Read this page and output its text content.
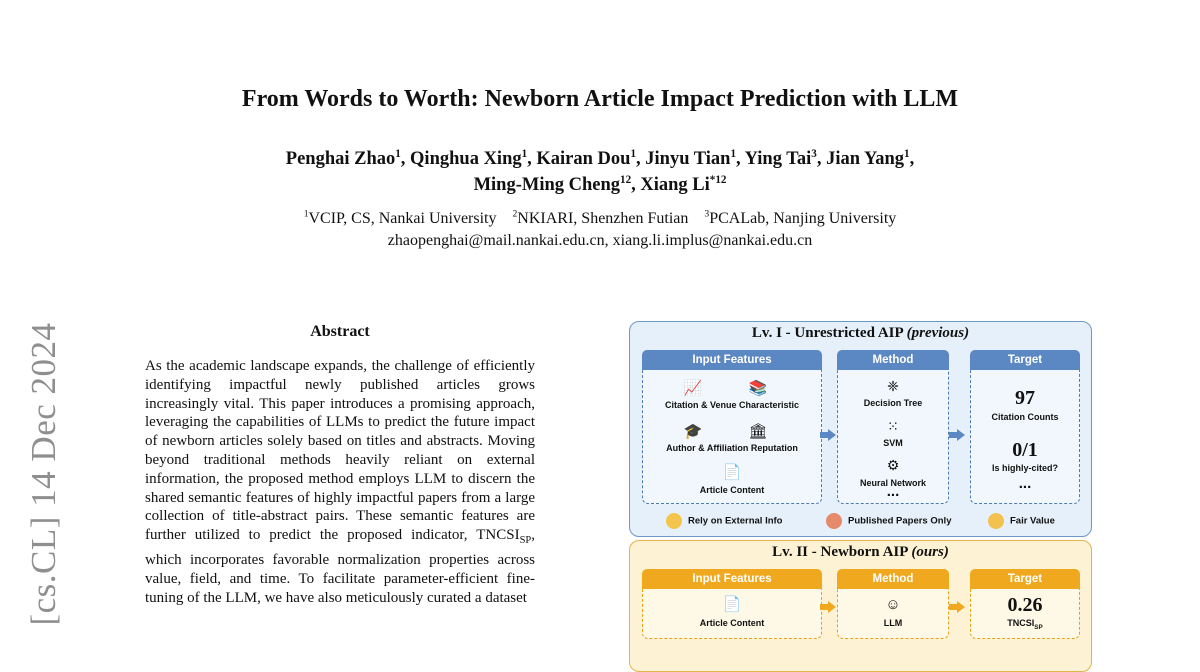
[cs.CL] 14 Dec 2024
From Words to Worth: Newborn Article Impact Prediction with LLM
Penghai Zhao$^1$, Qinghua Xing$^1$, Kairan Dou$^1$, Jinyu Tian$^1$, Ying Tai$^3$, Jian Yang$^1$,
Ming-Ming Cheng$^{12}$, Xiang Li$^{*12}$
$^1$VCIP, CS, Nankai University $^2$NKIARI, Shenzhen Futian $^3$PCALab, Nanjing University
zhaopenghai@mail.nankai.edu.cn, xiang.li.implus@nankai.edu.cn
Abstract

As the academic landscape expands, the challenge of efficiently identifying impactful newly published articles grows increasingly vital. This paper introduces a promising approach, leveraging the capabilities of LLMs to predict the future impact of newborn articles solely based on titles and abstracts. Moving beyond traditional methods heavily reliant on external information, the proposed method employs LLM to discern the shared semantic features of highly impactful papers from a large collection of title-abstract pairs. These semantic features are further utilized to predict the proposed indicator, $TNCSI_{SP}$, which incorporates favorable normalization properties across value, field, and time. To facilitate parameter-efficient fine-tuning of the LLM, we have also meticulously curated a dataset

Lv. I - Unrestricted AIP (previous)
Input Features
📈	📚
Citation & Venue Characteristic
🎓	🏛
Author & Affiliation Reputation
📄
Article Content
Method
❈
Decision Tree
⁙
SVM
⚙
Neural Network
...
Target
97
Citation Counts
0/1
Is highly-cited?
...
Rely on External Info	Published Papers Only	Fair Value
Lv. II - Newborn AIP (ours)
Input Features
📄
Article Content
Method
☺
LLM
Target
0.26
$TNCSI_{SP}$
